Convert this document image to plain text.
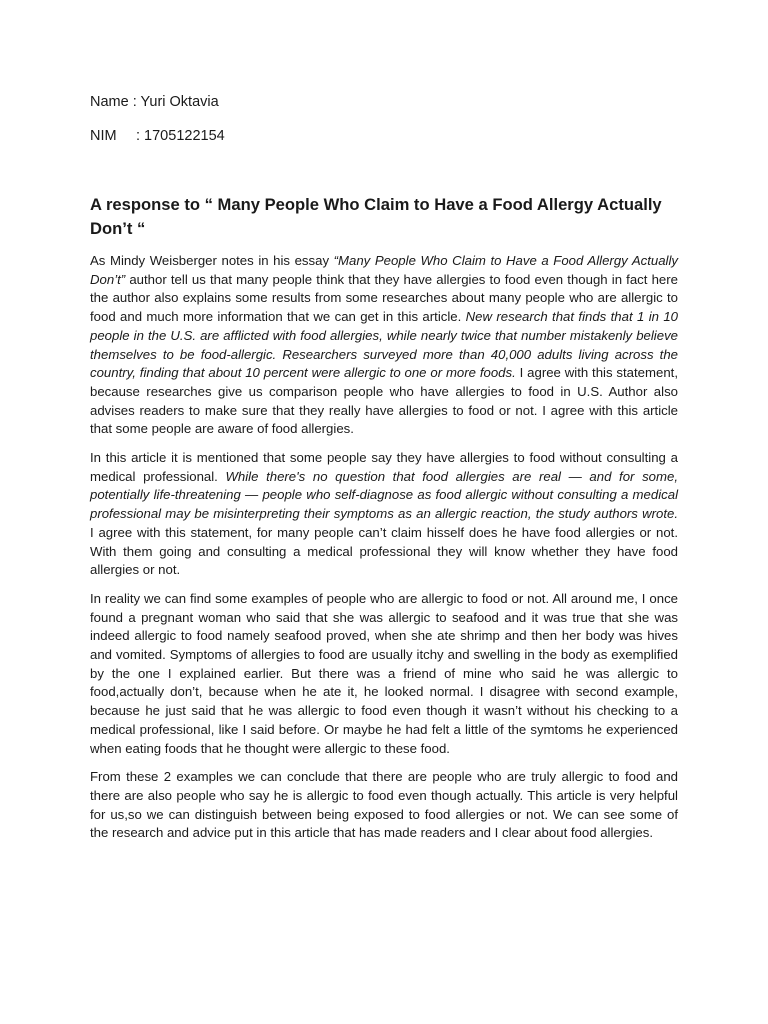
Name : Yuri Oktavia
NIM : 1705122154
A response to “ Many People Who Claim to Have a Food Allergy Actually Don’t “

As Mindy Weisberger notes in his essay “Many People Who Claim to Have a Food Allergy Actually Don’t” author tell us that many people think that they have allergies to food even though in fact here the author also explains some results from some researches about many people who are allergic to food and much more information that we can get in this article. New research that finds that 1 in 10 people in the U.S. are afflicted with food allergies, while nearly twice that number mistakenly believe themselves to be food-allergic. Researchers surveyed more than 40,000 adults living across the country, finding that about 10 percent were allergic to one or more foods. I agree with this statement, because researches give us comparison people who have allergies to food in U.S. Author also advises readers to make sure that they really have allergies to food or not. I agree with this article that some people are aware of food allergies.

In this article it is mentioned that some people say they have allergies to food without consulting a medical professional. While there's no question that food allergies are real — and for some, potentially life-threatening — people who self-diagnose as food allergic without consulting a medical professional may be misinterpreting their symptoms as an allergic reaction, the study authors wrote. I agree with this statement, for many people can’t claim hisself does he have food allergies or not. With them going and consulting a medical professional they will know whether they have food allergies or not.

In reality we can find some examples of people who are allergic to food or not. All around me, I once found a pregnant woman who said that she was allergic to seafood and it was true that she was indeed allergic to food namely seafood proved, when she ate shrimp and then her body was hives and vomited. Symptoms of allergies to food are usually itchy and swelling in the body as exemplified by the one I explained earlier. But there was a friend of mine who said he was allergic to food,actually don’t, because when he ate it, he looked normal. I disagree with second example, because he just said that he was allergic to food even though it wasn’t without his checking to a medical professional, like I said before. Or maybe he had felt a little of the symtoms he experienced when eating foods that he thought were allergic to these food.

From these 2 examples we can conclude that there are people who are truly allergic to food and there are also people who say he is allergic to food even though actually. This article is very helpful for us,so we can distinguish between being exposed to food allergies or not. We can see some of the research and advice put in this article that has made readers and I clear about food allergies.
